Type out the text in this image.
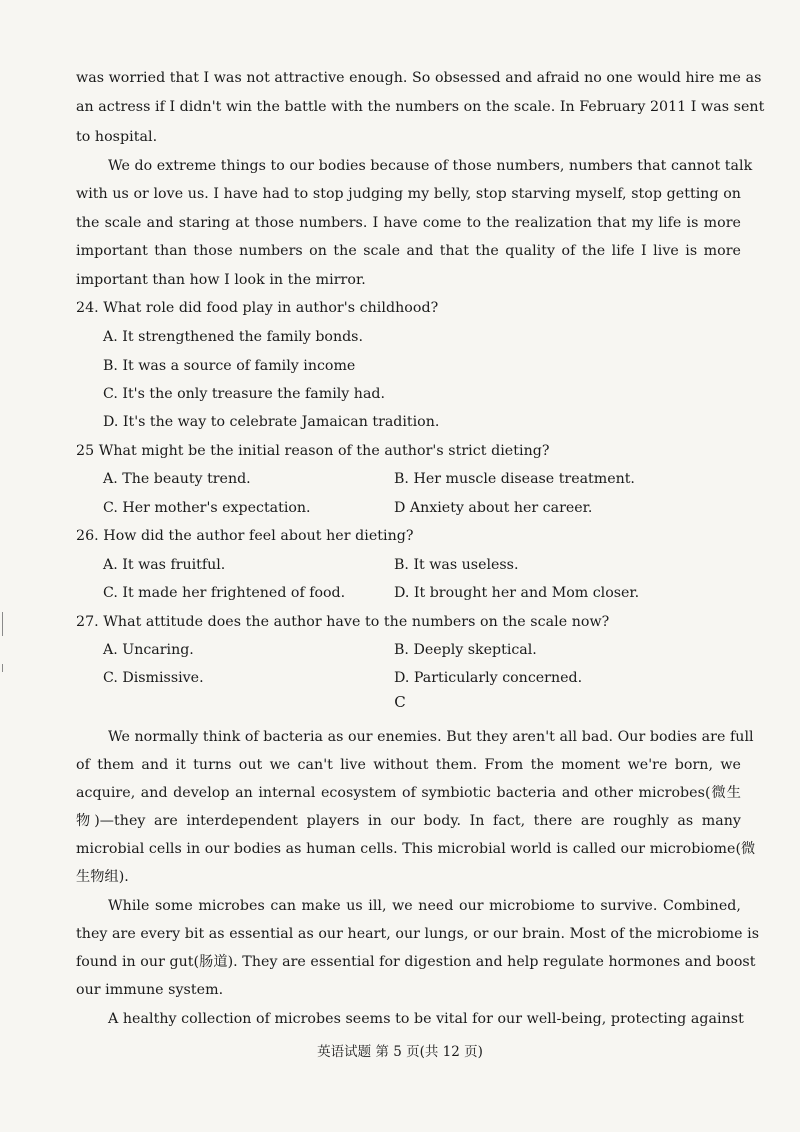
was worried that I was not attractive enough. So obsessed and afraid no one would hire me as
an actress if I didn't win the battle with the numbers on the scale. In February 2011 I was sent
to hospital.
We do extreme things to our bodies because of those numbers, numbers that cannot talk
with us or love us. I have had to stop judging my belly, stop starving myself, stop getting on
the scale and staring at those numbers. I have come to the realization that my life is more
important than those numbers on the scale and that the quality of the life I live is more
important than how I look in the mirror.
24. What role did food play in author's childhood?
A. It strengthened the family bonds.
B. It was a source of family income
C. It's the only treasure the family had.
D. It's the way to celebrate Jamaican tradition.
25 What might be the initial reason of the author's strict dieting?
A. The beauty trend.	B. Her muscle disease treatment.
C. Her mother's expectation.	D Anxiety about her career.
26. How did the author feel about her dieting?
A. It was fruitful.	B. It was useless.
C. It made her frightened of food.	D. It brought her and Mom closer.
27. What attitude does the author have to the numbers on the scale now?
A. Uncaring.	B. Deeply skeptical.
C. Dismissive.	D. Particularly concerned.
C
We normally think of bacteria as our enemies. But they aren't all bad. Our bodies are full
of them and it turns out we can't live without them. From the moment we're born, we
acquire, and develop an internal ecosystem of symbiotic bacteria and other microbes(微生
物)—they are interdependent players in our body. In fact, there are roughly as many
microbial cells in our bodies as human cells. This microbial world is called our microbiome(微
生物组).
While some microbes can make us ill, we need our microbiome to survive. Combined,
they are every bit as essential as our heart, our lungs, or our brain. Most of the microbiome is
found in our gut(肠道). They are essential for digestion and help regulate hormones and boost
our immune system.
A healthy collection of microbes seems to be vital for our well-being, protecting against
英语试题 第 5 页(共 12 页)
